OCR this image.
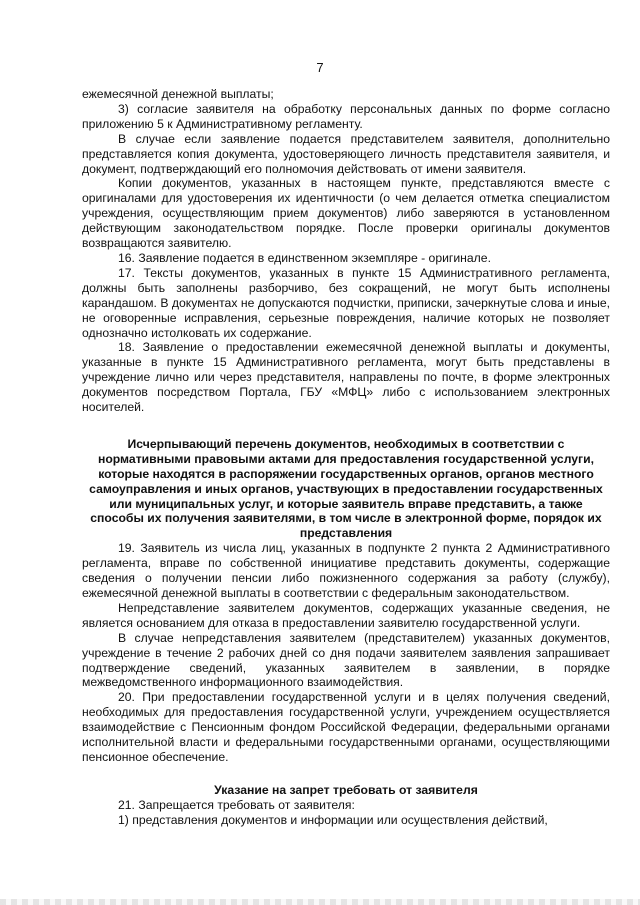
7

ежемесячной денежной выплаты;

3) согласие заявителя на обработку персональных данных по форме согласно приложению 5 к Административному регламенту.

В случае если заявление подается представителем заявителя, дополнительно представляется копия документа, удостоверяющего личность представителя заявителя, и документ, подтверждающий его полномочия действовать от имени заявителя.

Копии документов, указанных в настоящем пункте, представляются вместе с оригиналами для удостоверения их идентичности (о чем делается отметка специалистом учреждения, осуществляющим прием документов) либо заверяются в установленном действующим законодательством порядке. После проверки оригиналы документов возвращаются заявителю.

16. Заявление подается в единственном экземпляре - оригинале.

17. Тексты документов, указанных в пункте 15 Административного регламента, должны быть заполнены разборчиво, без сокращений, не могут быть исполнены карандашом. В документах не допускаются подчистки, приписки, зачеркнутые слова и иные, не оговоренные исправления, серьезные повреждения, наличие которых не позволяет однозначно истолковать их содержание.

18. Заявление о предоставлении ежемесячной денежной выплаты и документы, указанные в пункте 15 Административного регламента, могут быть представлены в учреждение лично или через представителя, направлены по почте, в форме электронных документов посредством Портала, ГБУ «МФЦ» либо с использованием электронных носителей.

Исчерпывающий перечень документов, необходимых в соответствии с нормативными правовыми актами для предоставления государственной услуги, которые находятся в распоряжении государственных органов, органов местного самоуправления и иных органов, участвующих в предоставлении государственных или муниципальных услуг, и которые заявитель вправе представить, а также способы их получения заявителями, в том числе в электронной форме, порядок их представления

19. Заявитель из числа лиц, указанных в подпункте 2 пункта 2 Административного регламента, вправе по собственной инициативе представить документы, содержащие сведения о получении пенсии либо пожизненного содержания за работу (службу), ежемесячной денежной выплаты в соответствии с федеральным законодательством.

Непредставление заявителем документов, содержащих указанные сведения, не является основанием для отказа в предоставлении заявителю государственной услуги.

В случае непредставления заявителем (представителем) указанных документов, учреждение в течение 2 рабочих дней со дня подачи заявителем заявления запрашивает подтверждение сведений, указанных заявителем в заявлении, в порядке межведомственного информационного взаимодействия.

20. При предоставлении государственной услуги и в целях получения сведений, необходимых для предоставления государственной услуги, учреждением осуществляется взаимодействие с Пенсионным фондом Российской Федерации, федеральными органами исполнительной власти и федеральными государственными органами, осуществляющими пенсионное обеспечение.

Указание на запрет требовать от заявителя

21. Запрещается требовать от заявителя:

1) представления документов и информации или осуществления действий,
